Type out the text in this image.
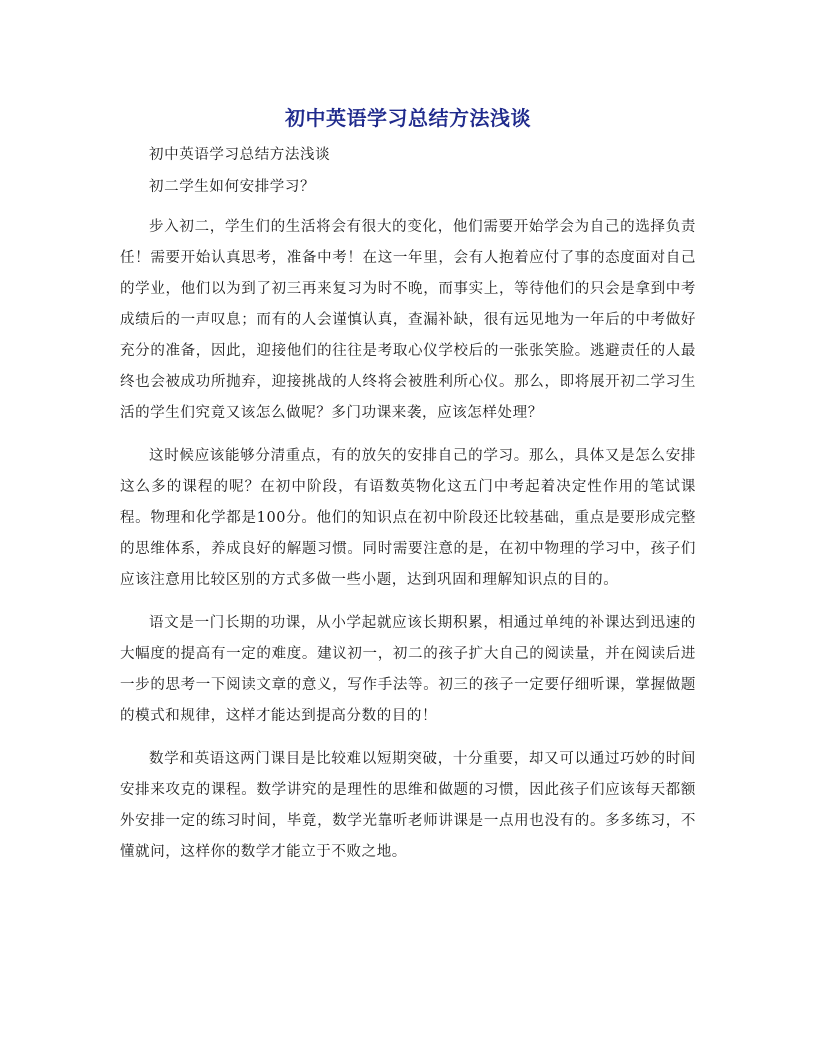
初中英语学习总结方法浅谈

初中英语学习总结方法浅谈

初二学生如何安排学习？

步入初二，学生们的生活将会有很大的变化，他们需要开始学会为自己的选择负责任！需要开始认真思考，准备中考！在这一年里，会有人抱着应付了事的态度面对自己的学业，他们以为到了初三再来复习为时不晚，而事实上，等待他们的只会是拿到中考成绩后的一声叹息；而有的人会谨慎认真，查漏补缺，很有远见地为一年后的中考做好充分的准备，因此，迎接他们的往往是考取心仪学校后的一张张笑脸。逃避责任的人最终也会被成功所抛弃，迎接挑战的人终将会被胜利所心仪。那么，即将展开初二学习生活的学生们究竟又该怎么做呢？多门功课来袭，应该怎样处理？

这时候应该能够分清重点，有的放矢的安排自己的学习。那么，具体又是怎么安排这么多的课程的呢？在初中阶段，有语数英物化这五门中考起着决定性作用的笔试课程。物理和化学都是100分。他们的知识点在初中阶段还比较基础，重点是要形成完整的思维体系，养成良好的解题习惯。同时需要注意的是，在初中物理的学习中，孩子们应该注意用比较区别的方式多做一些小题，达到巩固和理解知识点的目的。

语文是一门长期的功课，从小学起就应该长期积累，相通过单纯的补课达到迅速的大幅度的提高有一定的难度。建议初一，初二的孩子扩大自己的阅读量，并在阅读后进一步的思考一下阅读文章的意义，写作手法等。初三的孩子一定要仔细听课，掌握做题的模式和规律，这样才能达到提高分数的目的！

数学和英语这两门课目是比较难以短期突破，十分重要，却又可以通过巧妙的时间安排来攻克的课程。数学讲究的是理性的思维和做题的习惯，因此孩子们应该每天都额外安排一定的练习时间，毕竟，数学光靠听老师讲课是一点用也没有的。多多练习，不懂就问，这样你的数学才能立于不败之地。
